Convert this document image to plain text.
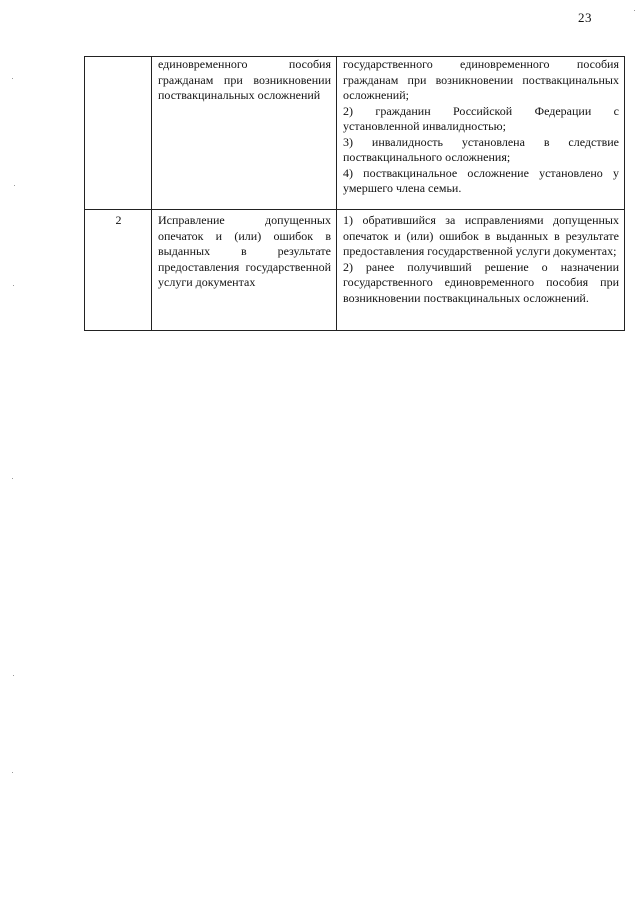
23
	единовременного пособия гражданам при возникновении поствакцинальных осложнений	государственного единовременного пособия гражданам при возникновении поствакцинальных осложнений;
2) гражданин Российской Федерации с установленной инвалидностью;
3) инвалидность установлена в следствие поствакцинального осложнения;
4) поствакцинальное осложнение установлено у умершего члена семьи.

2	Исправление допущенных опечаток и (или) ошибок в выданных в результате предоставления государственной услуги документах	1) обратившийся за исправлениями допущенных опечаток и (или) ошибок в выданных в результате предоставления государственной услуги документах;
2) ранее получивший решение о назначении государственного единовременного пособия при возникновении поствакцинальных осложнений.
